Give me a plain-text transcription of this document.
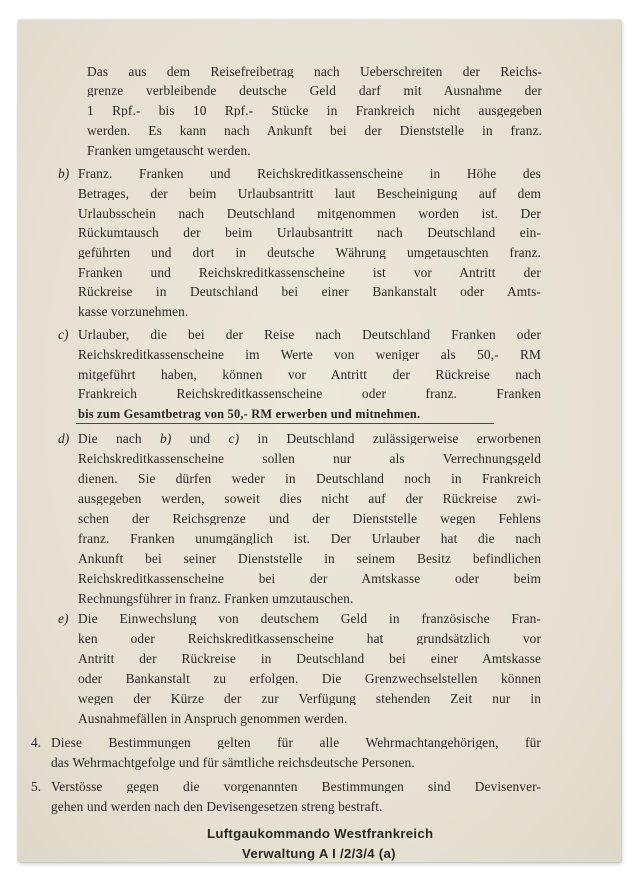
Das aus dem Reisefreibetrag nach Ueberschreiten der Reichs-
grenze verbleibende deutsche Geld darf mit Ausnahme der
1 Rpf.- bis 10 Rpf.- Stücke in Frankreich nicht ausgegeben
werden. Es kann nach Ankunft bei der Dienststelle in franz.
Franken umgetauscht werden.
b) Franz. Franken und Reichskreditkassenscheine in Höhe des
Betrages, der beim Urlaubsantritt laut Bescheinigung auf dem
Urlaubsschein nach Deutschland mitgenommen worden ist. Der
Rückumtausch der beim Urlaubsantritt nach Deutschland ein-
geführten und dort in deutsche Währung umgetauschten franz.
Franken und Reichskreditkassenscheine ist vor Antritt der
Rückreise in Deutschland bei einer Bankanstalt oder Amts-
kasse vorzunehmen.
c) Urlauber, die bei der Reise nach Deutschland Franken oder
Reichskreditkassenscheine im Werte von weniger als 50,- RM
mitgeführt haben, können vor Antritt der Rückreise nach
Frankreich Reichskreditkassenscheine oder franz. Franken
bis zum Gesamtbetrag von 50,- RM erwerben und mitnehmen.
d) Die nach b) und c) in Deutschland zulässigerweise erworbenen
Reichskreditkassenscheine sollen nur als Verrechnungsgeld
dienen. Sie dürfen weder in Deutschland noch in Frankreich
ausgegeben werden, soweit dies nicht auf der Rückreise zwi-
schen der Reichsgrenze und der Dienststelle wegen Fehlens
franz. Franken unumgänglich ist. Der Urlauber hat die nach
Ankunft bei seiner Dienststelle in seinem Besitz befindlichen
Reichskreditkassenscheine bei der Amtskasse oder beim
Rechnungsführer in franz. Franken umzutauschen.
e) Die Einwechslung von deutschem Geld in französische Fran-
ken oder Reichskreditkassenscheine hat grundsätzlich vor
Antritt der Rückreise in Deutschland bei einer Amtskasse
oder Bankanstalt zu erfolgen. Die Grenzwechselstellen können
wegen der Kürze der zur Verfügung stehenden Zeit nur in
Ausnahmefällen in Anspruch genommen werden.
4. Diese Bestimmungen gelten für alle Wehrmachtangehörigen, für
das Wehrmachtgefolge und für sämtliche reichsdeutsche Personen.
5. Verstösse gegen die vorgenannten Bestimmungen sind Devisenver-
gehen und werden nach den Devisengesetzen streng bestraft.
Luftgaukommando Westfrankreich
Verwaltung A I /2/3/4 (a)
